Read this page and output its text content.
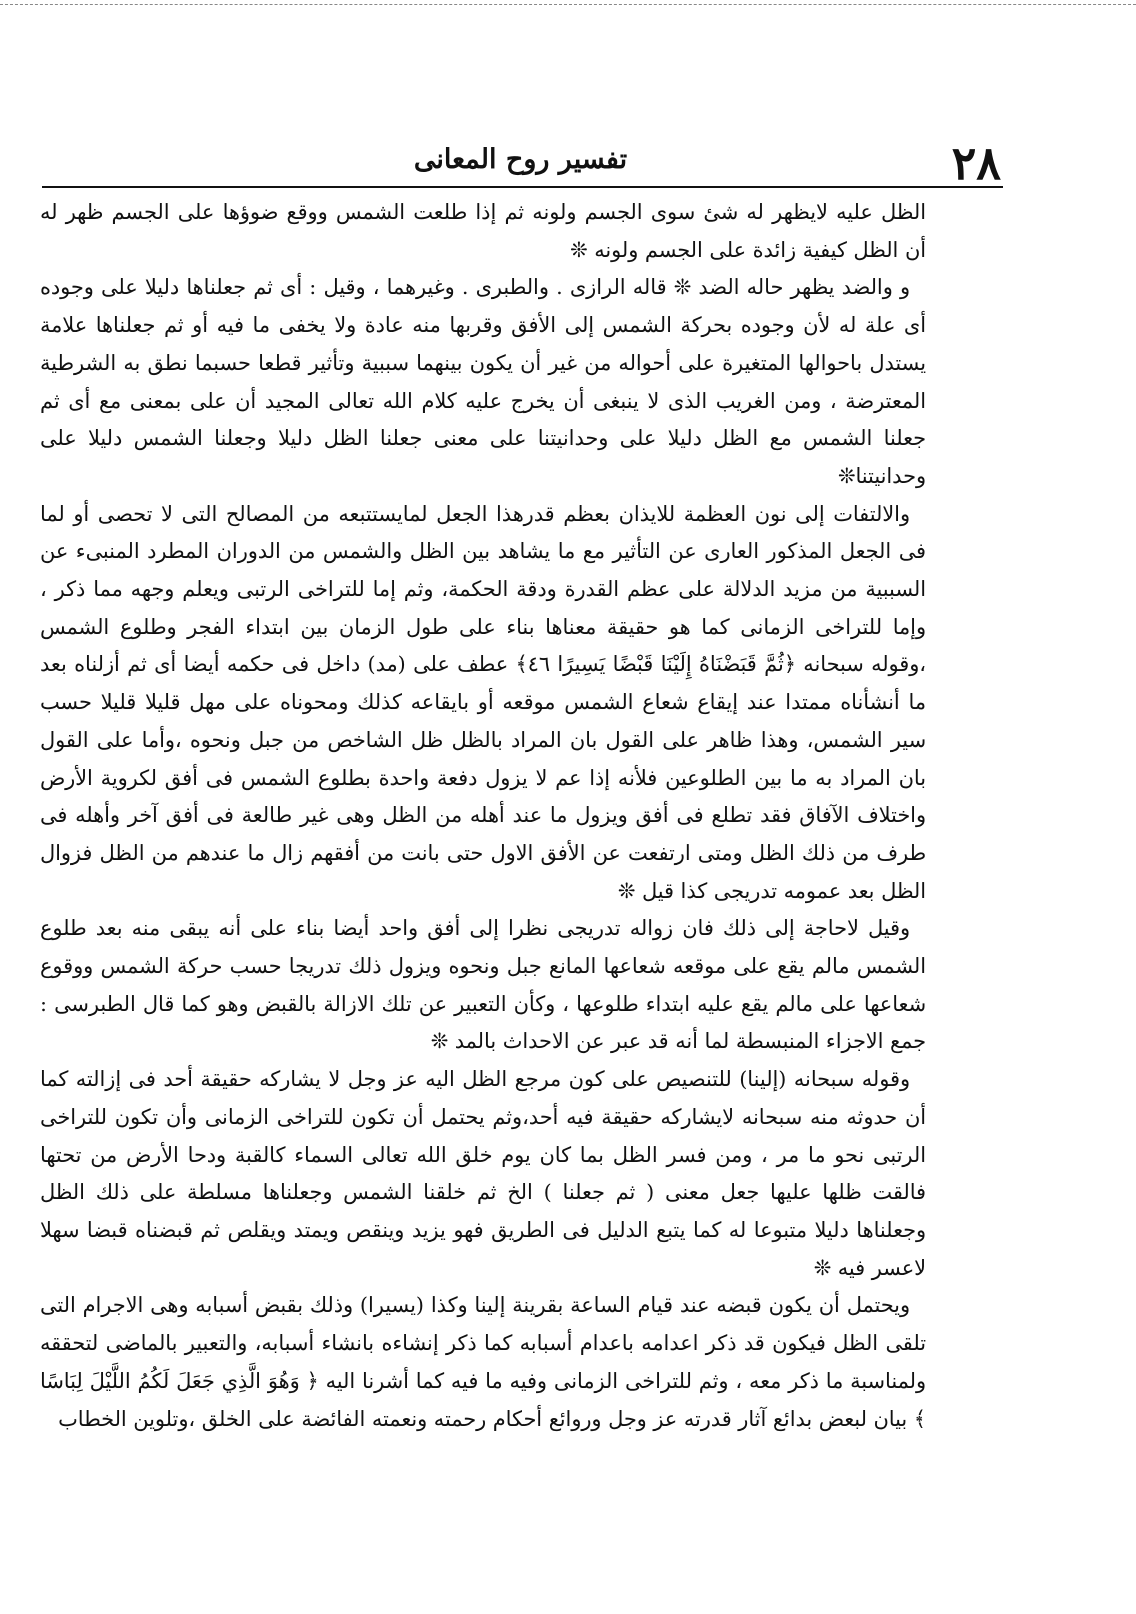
٢٨
تفسير روح المعانى

الظل عليه لايظهر له شئ سوى الجسم ولونه ثم إذا طلعت الشمس ووقع ضوؤها على الجسم ظهر له أن الظل كيفية زائدة على الجسم ولونه ❊

و والضد يظهر حاله الضد ❊ قاله الرازى . والطبرى . وغيرهما ، وقيل : أى ثم جعلناها دليلا على وجوده أى علة له لأن وجوده بحركة الشمس إلى الأفق وقربها منه عادة ولا يخفى ما فيه أو ثم جعلناها علامة يستدل باحوالها المتغيرة على أحواله من غير أن يكون بينهما سببية وتأثير قطعا حسبما نطق به الشرطية المعترضة ، ومن الغريب الذى لا ينبغى أن يخرج عليه كلام الله تعالى المجيد أن على بمعنى مع أى ثم جعلنا الشمس مع الظل دليلا على وحدانيتنا على معنى جعلنا الظل دليلا وجعلنا الشمس دليلا على وحدانيتنا❊

والالتفات إلى نون العظمة للايذان بعظم قدرهذا الجعل لمايستتبعه من المصالح التى لا تحصى أو لما فى الجعل المذكور العارى عن التأثير مع ما يشاهد بين الظل والشمس من الدوران المطرد المنبىء عن السببية من مزيد الدلالة على عظم القدرة ودقة الحكمة، وثم إما للتراخى الرتبى ويعلم وجهه مما ذكر ، وإما للتراخى الزمانى كما هو حقيقة معناها بناء على طول الزمان بين ابتداء الفجر وطلوع الشمس ،وقوله سبحانه ﴿ثُمَّ قَبَضْنَاهُ إِلَيْنَا قَبْضًا يَسِيرًا ٤٦﴾ عطف على (مد) داخل فى حكمه أيضا أى ثم أزلناه بعد ما أنشأناه ممتدا عند إيقاع شعاع الشمس موقعه أو بايقاعه كذلك ومحوناه على مهل قليلا قليلا حسب سير الشمس، وهذا ظاهر على القول بان المراد بالظل ظل الشاخص من جبل ونحوه ،وأما على القول بان المراد به ما بين الطلوعين فلأنه إذا عم لا يزول دفعة واحدة بطلوع الشمس فى أفق لكروية الأرض واختلاف الآفاق فقد تطلع فى أفق ويزول ما عند أهله من الظل وهى غير طالعة فى أفق آخر وأهله فى طرف من ذلك الظل ومتى ارتفعت عن الأفق الاول حتى بانت من أفقهم زال ما عندهم من الظل فزوال الظل بعد عمومه تدريجى كذا قيل ❊

وقيل لاحاجة إلى ذلك فان زواله تدريجى نظرا إلى أفق واحد أيضا بناء على أنه يبقى منه بعد طلوع الشمس مالم يقع على موقعه شعاعها المانع جبل ونحوه ويزول ذلك تدريجا حسب حركة الشمس ووقوع شعاعها على مالم يقع عليه ابتداء طلوعها ، وكأن التعبير عن تلك الازالة بالقبض وهو كما قال الطبرسى : جمع الاجزاء المنبسطة لما أنه قد عبر عن الاحداث بالمد ❊

وقوله سبحانه (إلينا) للتنصيص على كون مرجع الظل اليه عز وجل لا يشاركه حقيقة أحد فى إزالته كما أن حدوثه منه سبحانه لايشاركه حقيقة فيه أحد،وثم يحتمل أن تكون للتراخى الزمانى وأن تكون للتراخى الرتبى نحو ما مر ، ومن فسر الظل بما كان يوم خلق الله تعالى السماء كالقبة ودحا الأرض من تحتها فالقت ظلها عليها جعل معنى ( ثم جعلنا ) الخ ثم خلقنا الشمس وجعلناها مسلطة على ذلك الظل وجعلناها دليلا متبوعا له كما يتبع الدليل فى الطريق فهو يزيد وينقص ويمتد ويقلص ثم قبضناه قبضا سهلا لاعسر فيه ❊

ويحتمل أن يكون قبضه عند قيام الساعة بقرينة إلينا وكذا (يسيرا) وذلك بقبض أسبابه وهى الاجرام التى تلقى الظل فيكون قد ذكر اعدامه باعدام أسبابه كما ذكر إنشاءه بانشاء أسبابه، والتعبير بالماضى لتحققه ولمناسبة ما ذكر معه ، وثم للتراخى الزمانى وفيه ما فيه كما أشرنا اليه ﴿ وَهُوَ الَّذِي جَعَلَ لَكُمُ اللَّيْلَ لِبَاسًا ﴾ بيان لبعض بدائع آثار قدرته عز وجل وروائع أحكام رحمته ونعمته الفائضة على الخلق ،وتلوين الخطاب
